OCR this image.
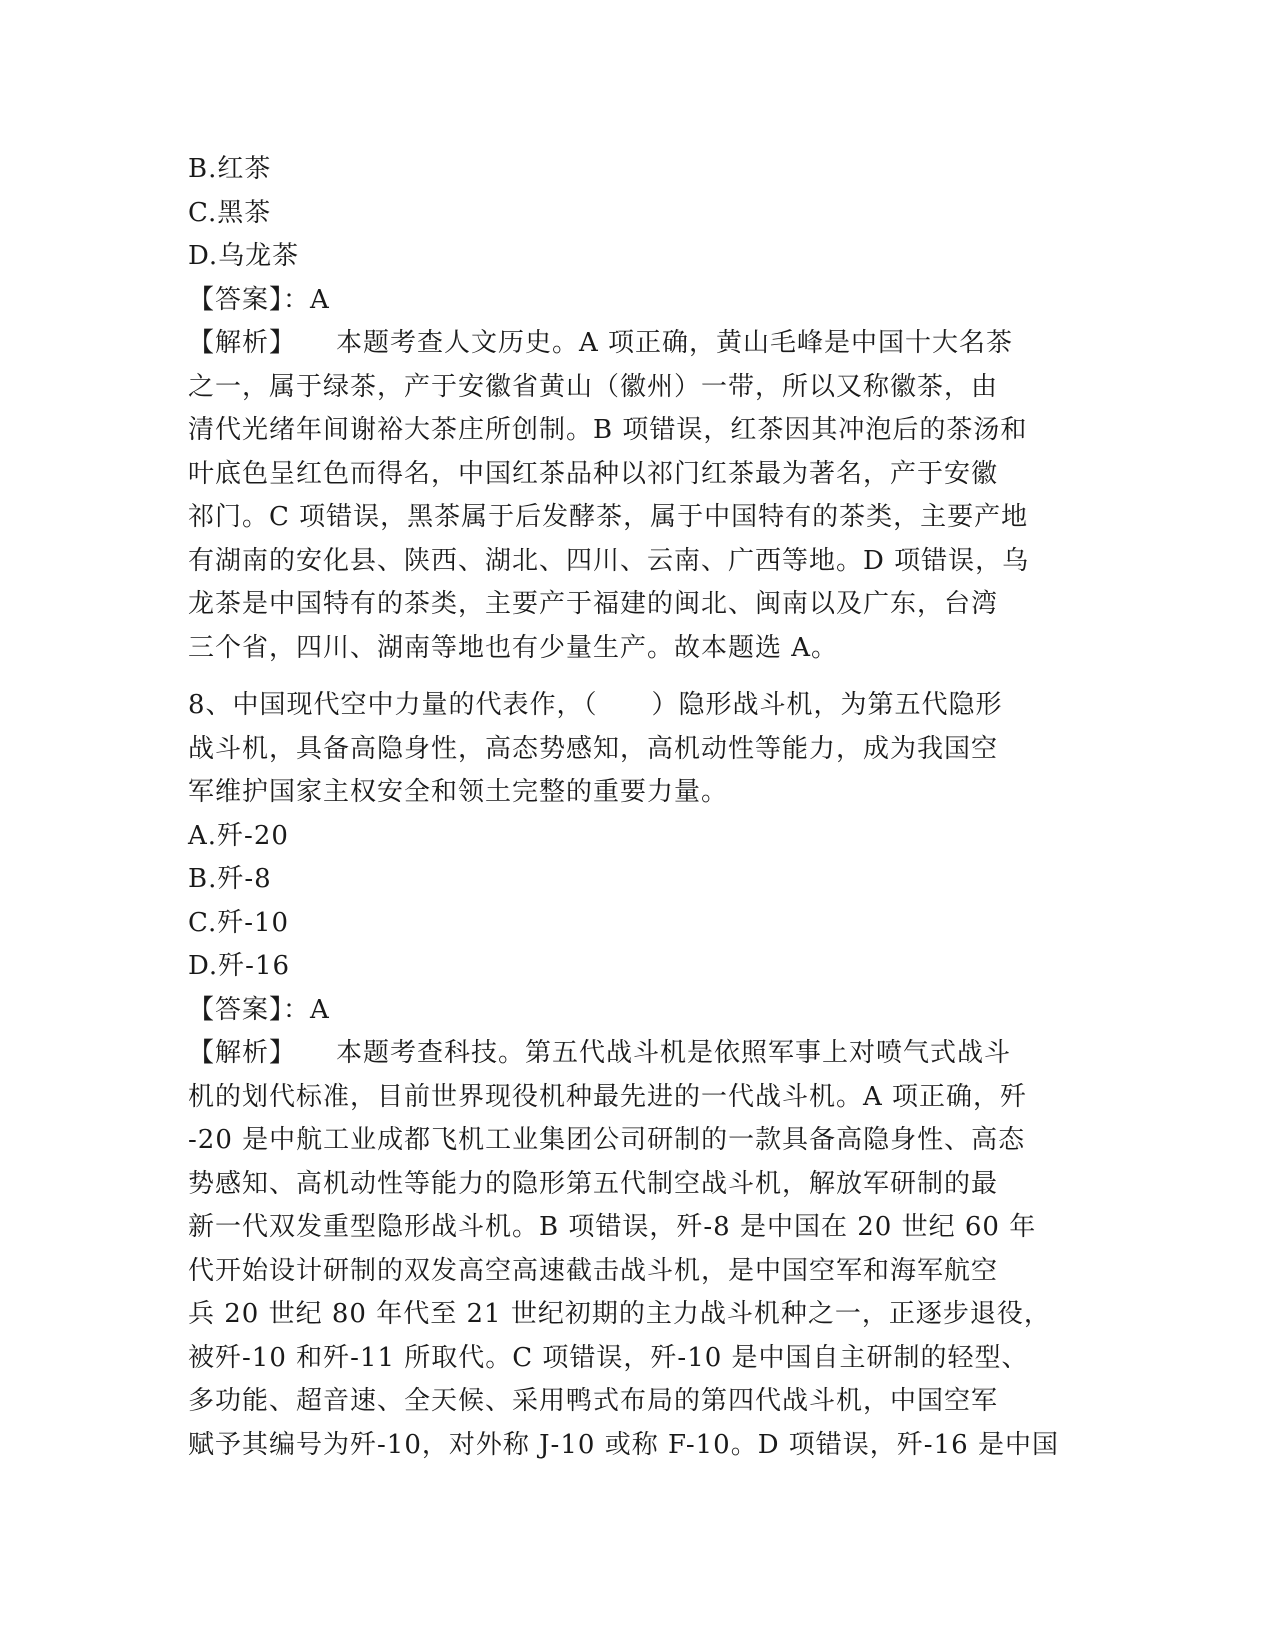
B.红茶
C.黑茶
D.乌龙茶
【答案】：A
【解析】 本题考查人文历史。A 项正确，黄山毛峰是中国十大名茶
之一，属于绿茶，产于安徽省黄山（徽州）一带，所以又称徽茶，由
清代光绪年间谢裕大茶庄所创制。B 项错误，红茶因其冲泡后的茶汤和
叶底色呈红色而得名，中国红茶品种以祁门红茶最为著名，产于安徽
祁门。C 项错误，黑茶属于后发酵茶，属于中国特有的茶类，主要产地
有湖南的安化县、陕西、湖北、四川、云南、广西等地。D 项错误，乌
龙茶是中国特有的茶类，主要产于福建的闽北、闽南以及广东，台湾
三个省，四川、湖南等地也有少量生产。故本题选 A。
8、中国现代空中力量的代表作，（　　）隐形战斗机，为第五代隐形
战斗机，具备高隐身性，高态势感知，高机动性等能力，成为我国空
军维护国家主权安全和领土完整的重要力量。
A.歼-20
B.歼-8
C.歼-10
D.歼-16
【答案】：A
【解析】 本题考查科技。第五代战斗机是依照军事上对喷气式战斗
机的划代标准，目前世界现役机种最先进的一代战斗机。A 项正确，歼
-20 是中航工业成都飞机工业集团公司研制的一款具备高隐身性、高态
势感知、高机动性等能力的隐形第五代制空战斗机，解放军研制的最
新一代双发重型隐形战斗机。B 项错误，歼-8 是中国在 20 世纪 60 年
代开始设计研制的双发高空高速截击战斗机，是中国空军和海军航空
兵 20 世纪 80 年代至 21 世纪初期的主力战斗机种之一，正逐步退役，
被歼-10 和歼-11 所取代。C 项错误，歼-10 是中国自主研制的轻型、
多功能、超音速、全天候、采用鸭式布局的第四代战斗机，中国空军
赋予其编号为歼-10，对外称 J-10 或称 F-10。D 项错误，歼-16 是中国
